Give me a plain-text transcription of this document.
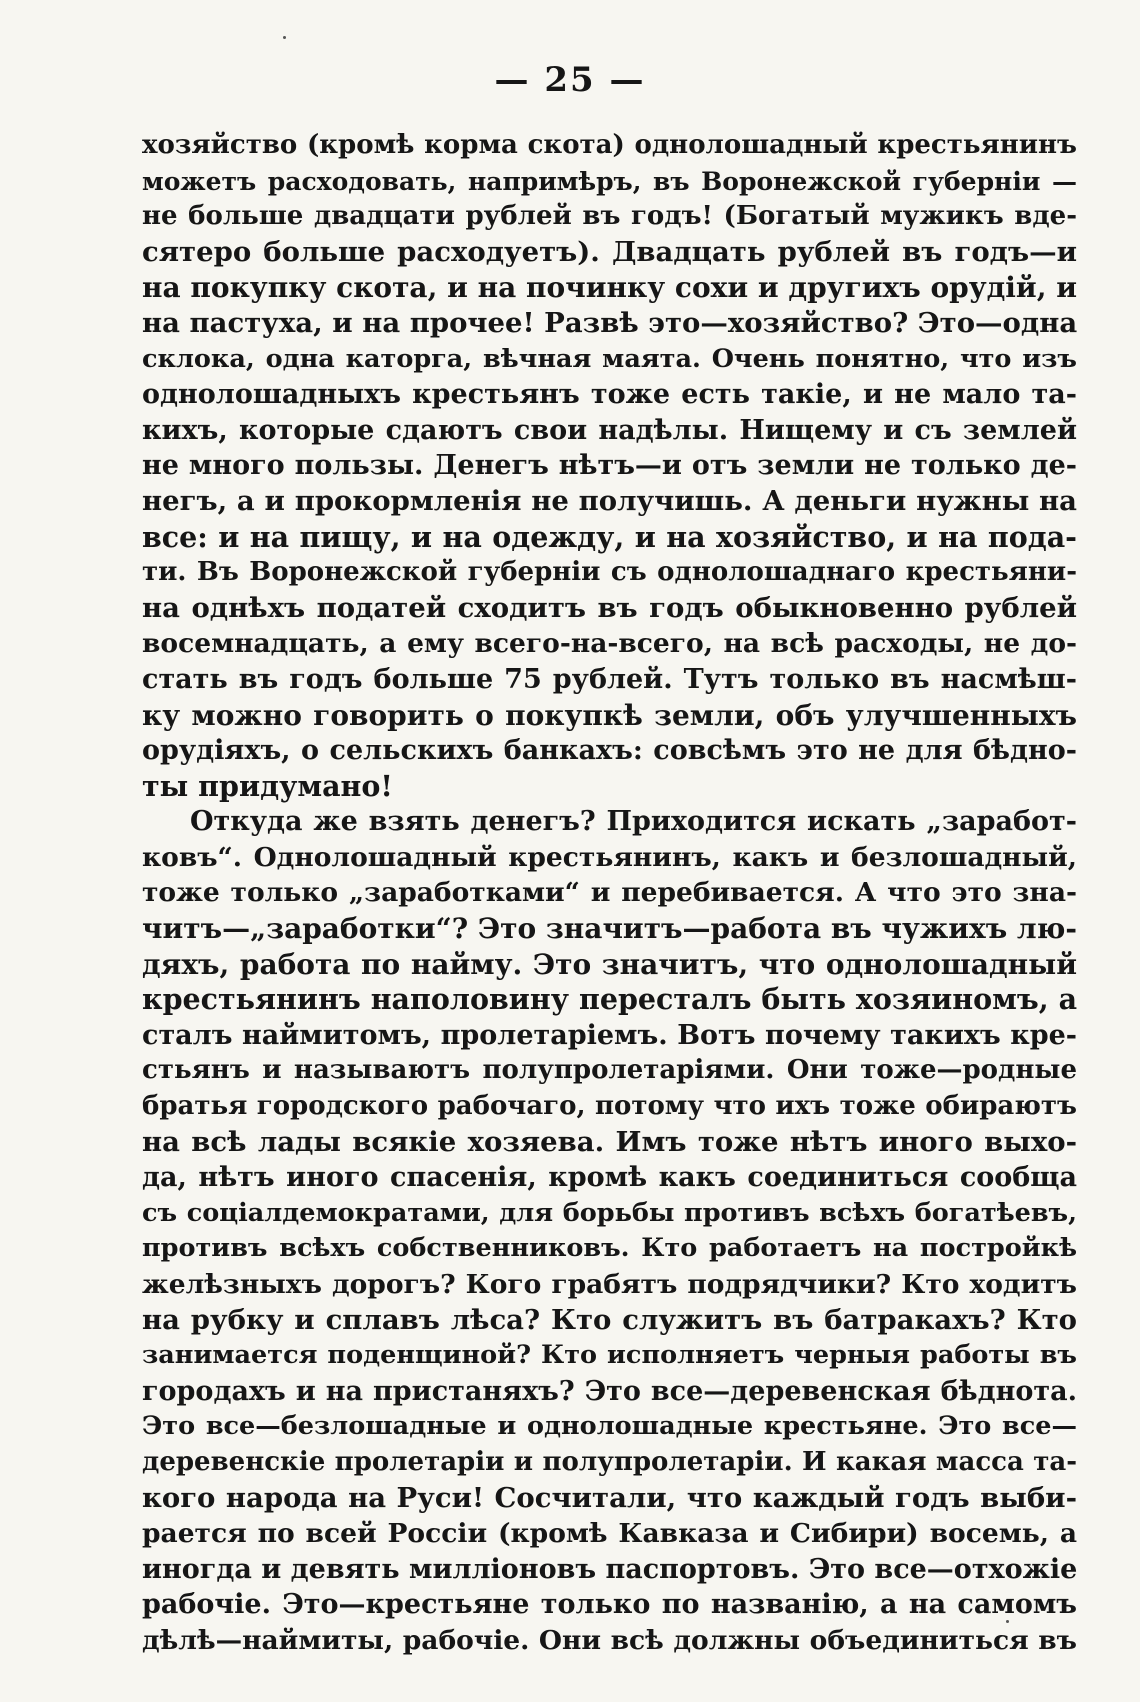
— 25 —
хозяйство (кромѣ корма скота) однолошадный крестьянинъ
можетъ расходовать, напримѣръ, въ Воронежской губерніи —
не больше двадцати рублей въ годъ! (Богатый мужикъ вде-
сятеро больше расходуетъ). Двадцать рублей въ годъ—и
на покупку скота, и на починку сохи и другихъ орудій, и
на пастуха, и на прочее! Развѣ это—хозяйство? Это—одна
склока, одна каторга, вѣчная маята. Очень понятно, что изъ
однолошадныхъ крестьянъ тоже есть такіе, и не мало та-
кихъ, которые сдаютъ свои надѣлы. Нищему и съ землей
не много пользы. Денегъ нѣтъ—и отъ земли не только де-
негъ, а и прокормленія не получишь. А деньги нужны на
все: и на пищу, и на одежду, и на хозяйство, и на пода-
ти. Въ Воронежской губерніи съ однолошаднаго крестьяни-
на однѣхъ податей сходитъ въ годъ обыкновенно рублей
восемнадцать, а ему всего-на-всего, на всѣ расходы, не до-
стать въ годъ больше 75 рублей. Тутъ только въ насмѣш-
ку можно говорить о покупкѣ земли, объ улучшенныхъ
орудіяхъ, о сельскихъ банкахъ: совсѣмъ это не для бѣдно-
ты придумано!
Откуда же взять денегъ? Приходится искать „заработ-
ковъ“. Однолошадный крестьянинъ, какъ и безлошадный,
тоже только „заработками“ и перебивается. А что это зна-
читъ—„заработки“? Это значитъ—работа въ чужихъ лю-
дяхъ, работа по найму. Это значитъ, что однолошадный
крестьянинъ наполовину пересталъ быть хозяиномъ, а
сталъ наймитомъ, пролетаріемъ. Вотъ почему такихъ кре-
стьянъ и называютъ полупролетаріями. Они тоже—родные
братья городского рабочаго, потому что ихъ тоже обираютъ
на всѣ лады всякіе хозяева. Имъ тоже нѣтъ иного выхо-
да, нѣтъ иного спасенія, кромѣ какъ соединиться сообща
съ соціалдемократами, для борьбы противъ всѣхъ богатѣевъ,
противъ всѣхъ собственниковъ. Кто работаетъ на постройкѣ
желѣзныхъ дорогъ? Кого грабятъ подрядчики? Кто ходитъ
на рубку и сплавъ лѣса? Кто служитъ въ батракахъ? Кто
занимается поденщиной? Кто исполняетъ черныя работы въ
городахъ и на пристаняхъ? Это все—деревенская бѣднота.
Это все—безлошадные и однолошадные крестьяне. Это все—
деревенскіе пролетаріи и полупролетаріи. И какая масса та-
кого народа на Руси! Сосчитали, что каждый годъ выби-
рается по всей Россіи (кромѣ Кавказа и Сибири) восемь, а
иногда и девять милліоновъ паспортовъ. Это все—отхожіе
рабочіе. Это—крестьяне только по названію, а на самомъ
дѣлѣ—наймиты, рабочіе. Они всѣ должны объединиться въ
